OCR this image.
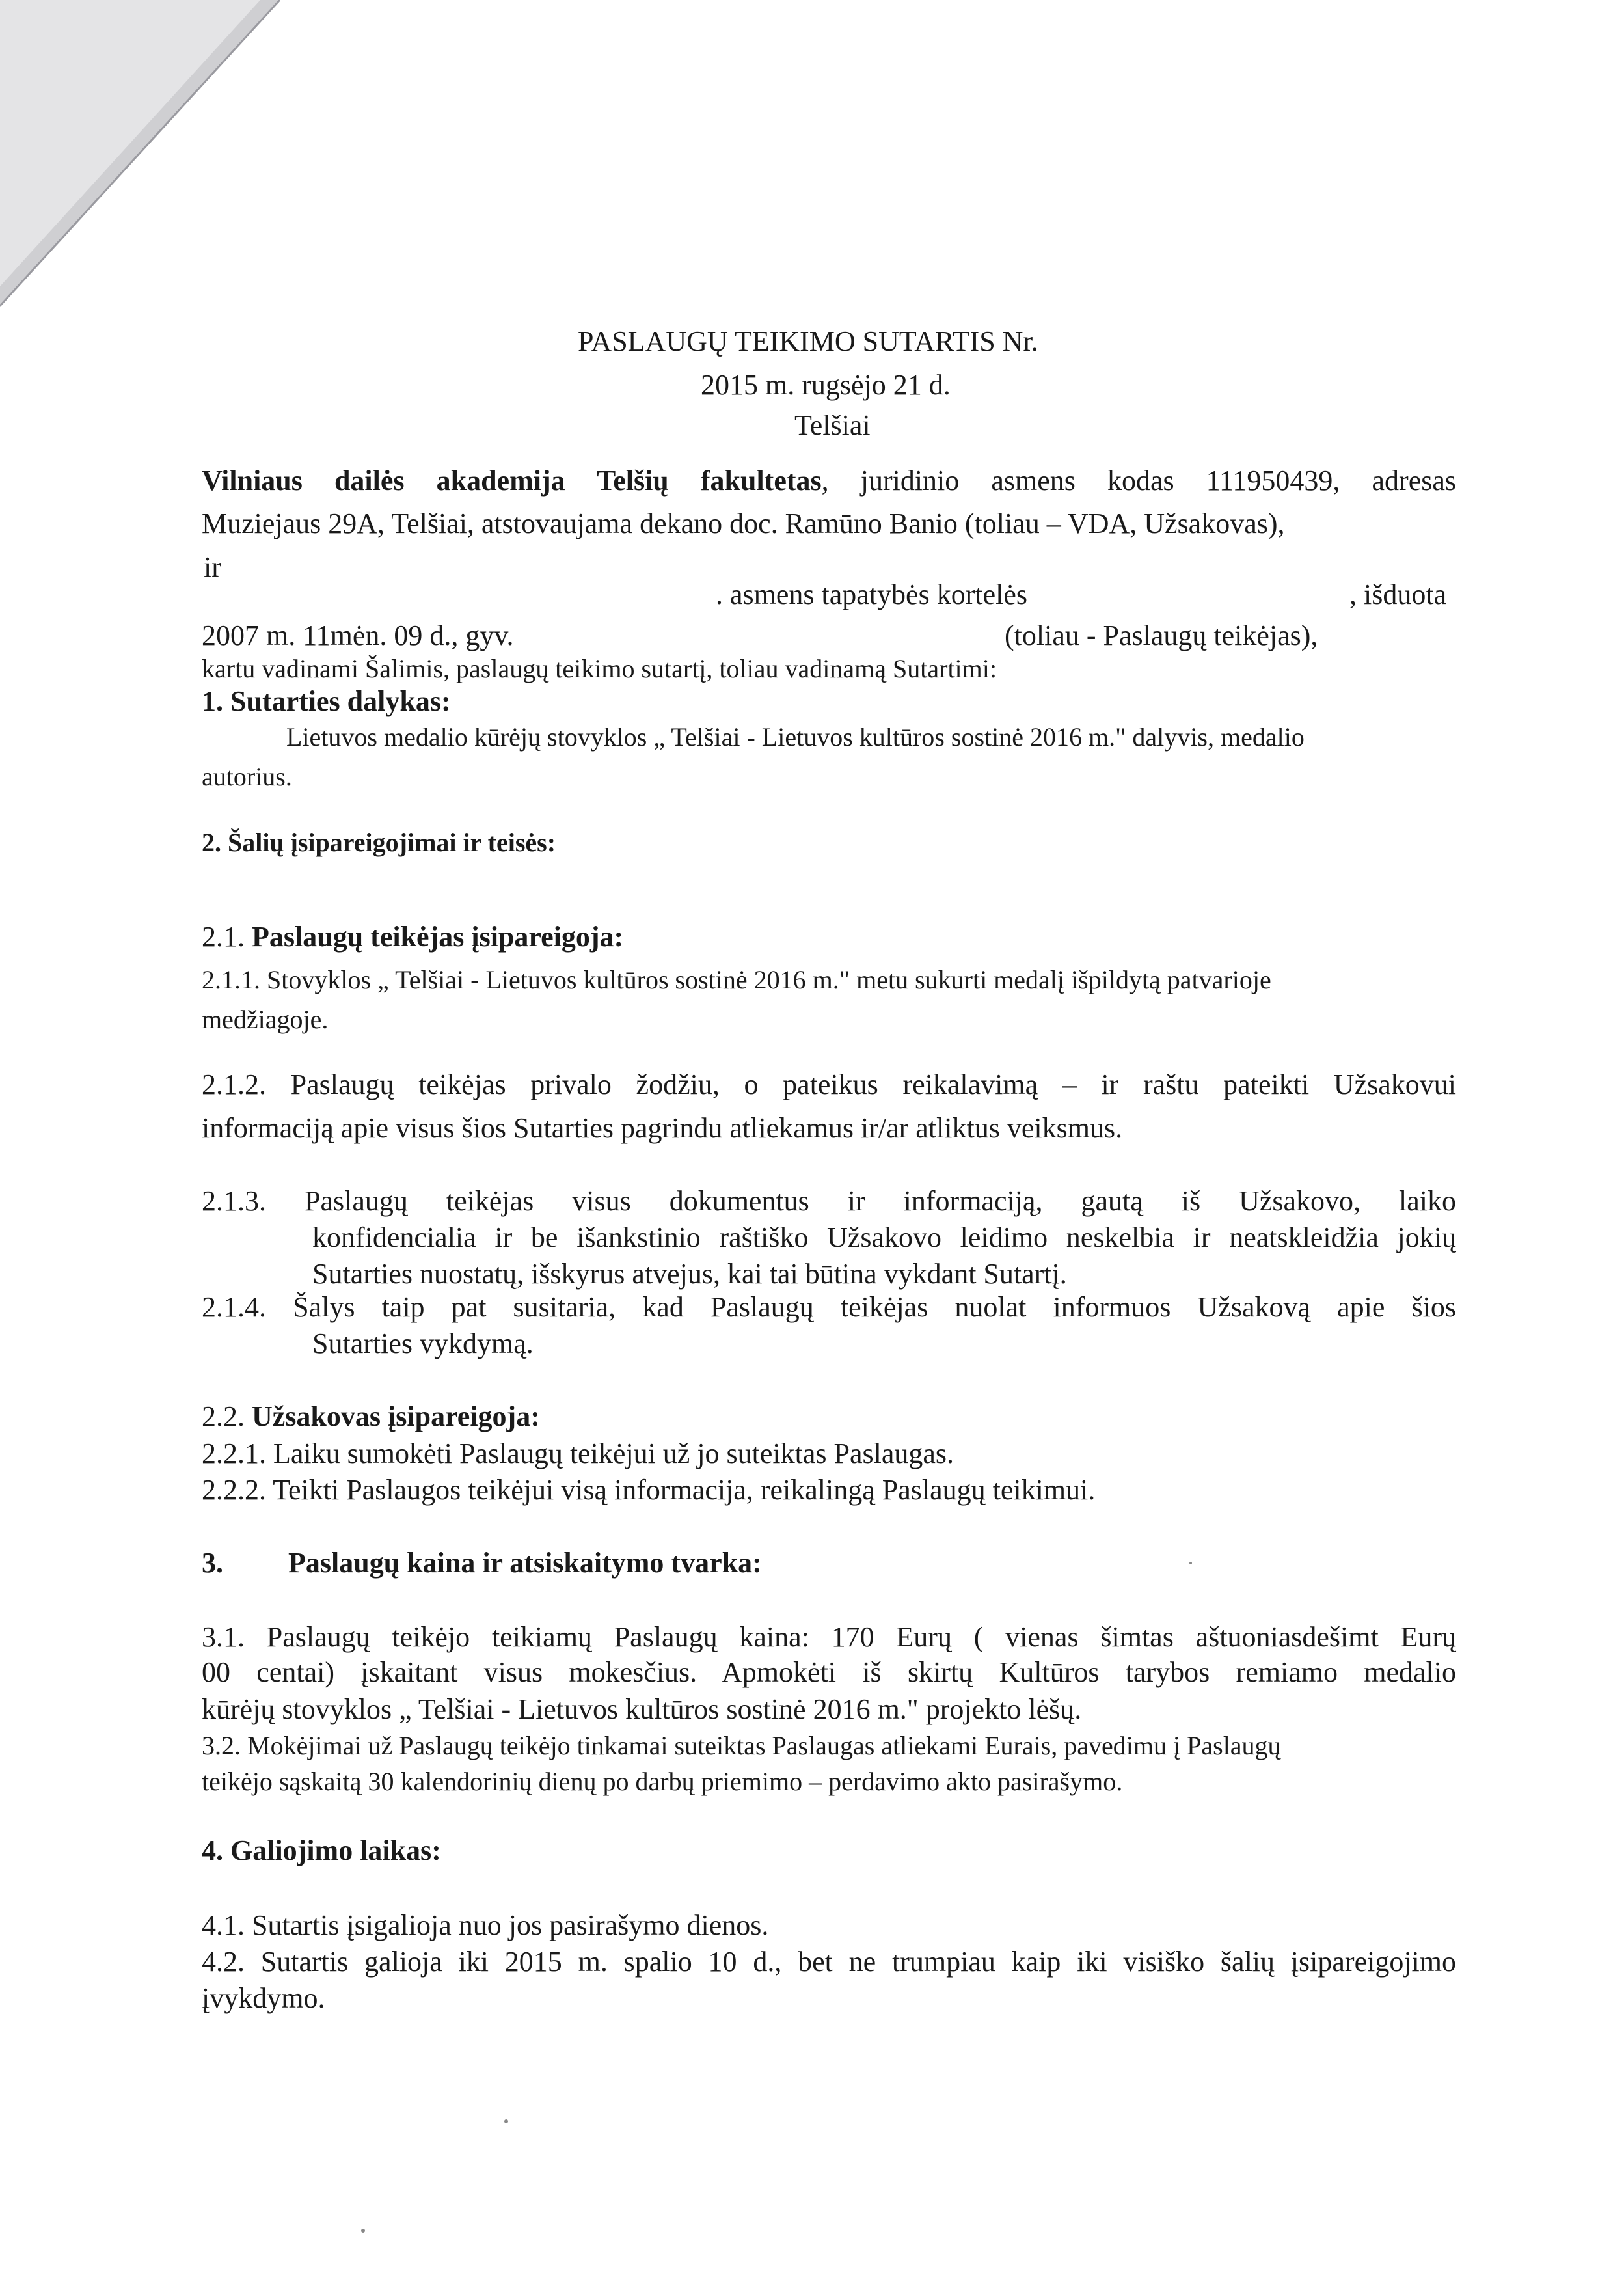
PASLAUGŲ TEIKIMO SUTARTIS Nr.
2015 m. rugsėjo 21 d.
Telšiai
Vilniaus dailės akademija Telšių fakultetas, juridinio asmens kodas 111950439, adresas
Muziejaus 29A, Telšiai, atstovaujama dekano doc. Ramūno Banio (toliau – VDA, Užsakovas),
ir
. asmens tapatybės kortelės	, išduota
2007 m. 11mėn. 09 d., gyv.	(toliau - Paslaugų teikėjas),
kartu vadinami Šalimis, paslaugų teikimo sutartį, toliau vadinamą Sutartimi:
1. Sutarties dalykas:
Lietuvos medalio kūrėjų stovyklos „ Telšiai - Lietuvos kultūros sostinė 2016 m." dalyvis, medalio
autorius.
2. Šalių įsipareigojimai ir teisės:
2.1. Paslaugų teikėjas įsipareigoja:
2.1.1. Stovyklos „ Telšiai - Lietuvos kultūros sostinė 2016 m." metu sukurti medalį išpildytą patvarioje
medžiagoje.
2.1.2. Paslaugų teikėjas privalo žodžiu, o pateikus reikalavimą – ir raštu pateikti Užsakovui
informaciją apie visus šios Sutarties pagrindu atliekamus ir/ar atliktus veiksmus.
2.1.3. Paslaugų teikėjas visus dokumentus ir informaciją, gautą iš Užsakovo, laiko
konfidencialia ir be išankstinio raštiško Užsakovo leidimo neskelbia ir neatskleidžia jokių
Sutarties nuostatų, išskyrus atvejus, kai tai būtina vykdant Sutartį.
2.1.4. Šalys taip pat susitaria, kad Paslaugų teikėjas nuolat informuos Užsakovą apie šios
Sutarties vykdymą.
2.2. Užsakovas įsipareigoja:
2.2.1. Laiku sumokėti Paslaugų teikėjui už jo suteiktas Paslaugas.
2.2.2. Teikti Paslaugos teikėjui visą informacija, reikalingą Paslaugų teikimui.
3. Paslaugų kaina ir atsiskaitymo tvarka:
3.1. Paslaugų teikėjo teikiamų Paslaugų kaina: 170 Eurų ( vienas šimtas aštuoniasdešimt Eurų
00 centai) įskaitant visus mokesčius. Apmokėti iš skirtų Kultūros tarybos remiamo medalio
kūrėjų stovyklos „ Telšiai - Lietuvos kultūros sostinė 2016 m." projekto lėšų.
3.2. Mokėjimai už Paslaugų teikėjo tinkamai suteiktas Paslaugas atliekami Eurais, pavedimu į Paslaugų
teikėjo sąskaitą 30 kalendorinių dienų po darbų priemimo – perdavimo akto pasirašymo.
4. Galiojimo laikas:
4.1. Sutartis įsigalioja nuo jos pasirašymo dienos.
4.2. Sutartis galioja iki 2015 m. spalio 10 d., bet ne trumpiau kaip iki visiško šalių įsipareigojimo
įvykdymo.
